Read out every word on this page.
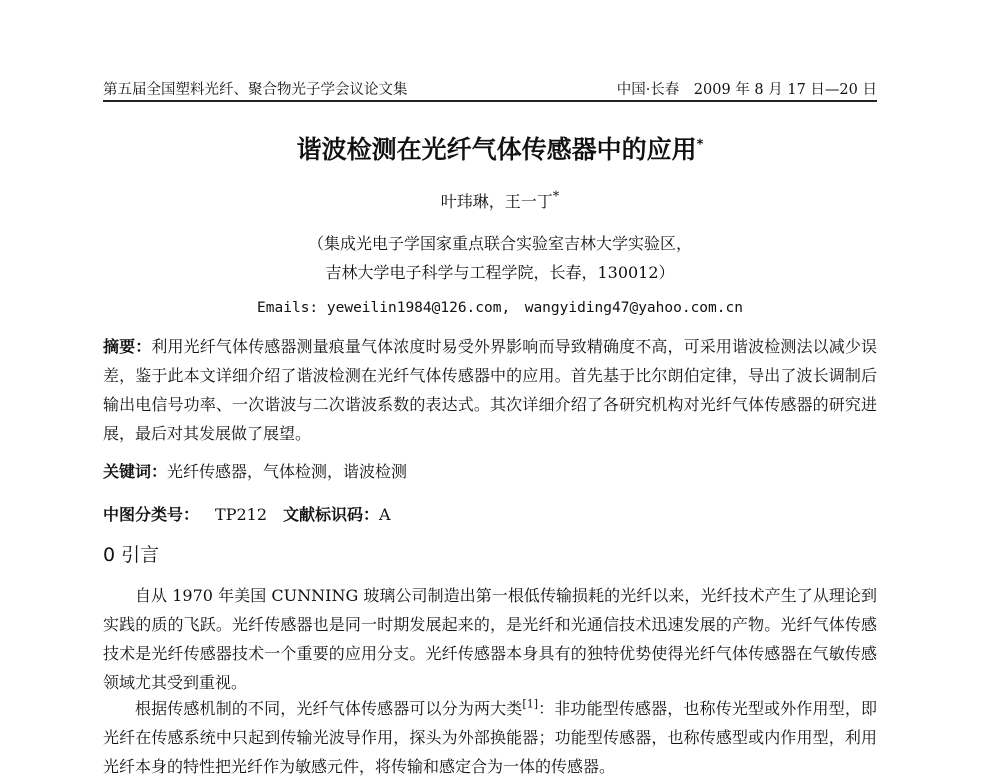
第五届全国塑料光纤、聚合物光子学会议论文集	中国·长春　2009 年 8 月 17 日—20 日
谐波检测在光纤气体传感器中的应用*
叶玮琳，王一丁*
（集成光电子学国家重点联合实验室吉林大学实验区，
吉林大学电子科学与工程学院，长春，130012）
Emails: yeweilin1984@126.com,　wangyiding47@yahoo.com.cn
摘要：利用光纤气体传感器测量痕量气体浓度时易受外界影响而导致精确度不高，可采用谐波检测法以减少误差，鉴于此本文详细介绍了谐波检测在光纤气体传感器中的应用。首先基于比尔朗伯定律，导出了波长调制后输出电信号功率、一次谐波与二次谐波系数的表达式。其次详细介绍了各研究机构对光纤气体传感器的研究进展，最后对其发展做了展望。
关键词：光纤传感器，气体检测，谐波检测
中图分类号： TP212 文献标识码：A
0 引言
自从 1970 年美国 CUNNING 玻璃公司制造出第一根低传输损耗的光纤以来，光纤技术产生了从理论到实践的质的飞跃。光纤传感器也是同一时期发展起来的，是光纤和光通信技术迅速发展的产物。光纤气体传感技术是光纤传感器技术一个重要的应用分支。光纤传感器本身具有的独特优势使得光纤气体传感器在气敏传感领域尤其受到重视。
根据传感机制的不同，光纤气体传感器可以分为两大类[1]：非功能型传感器，也称传光型或外作用型，即光纤在传感系统中只起到传输光波导作用，探头为外部换能器；功能型传感器，也称传感型或内作用型，利用光纤本身的特性把光纤作为敏感元件，将传输和感定合为一体的传感器。
